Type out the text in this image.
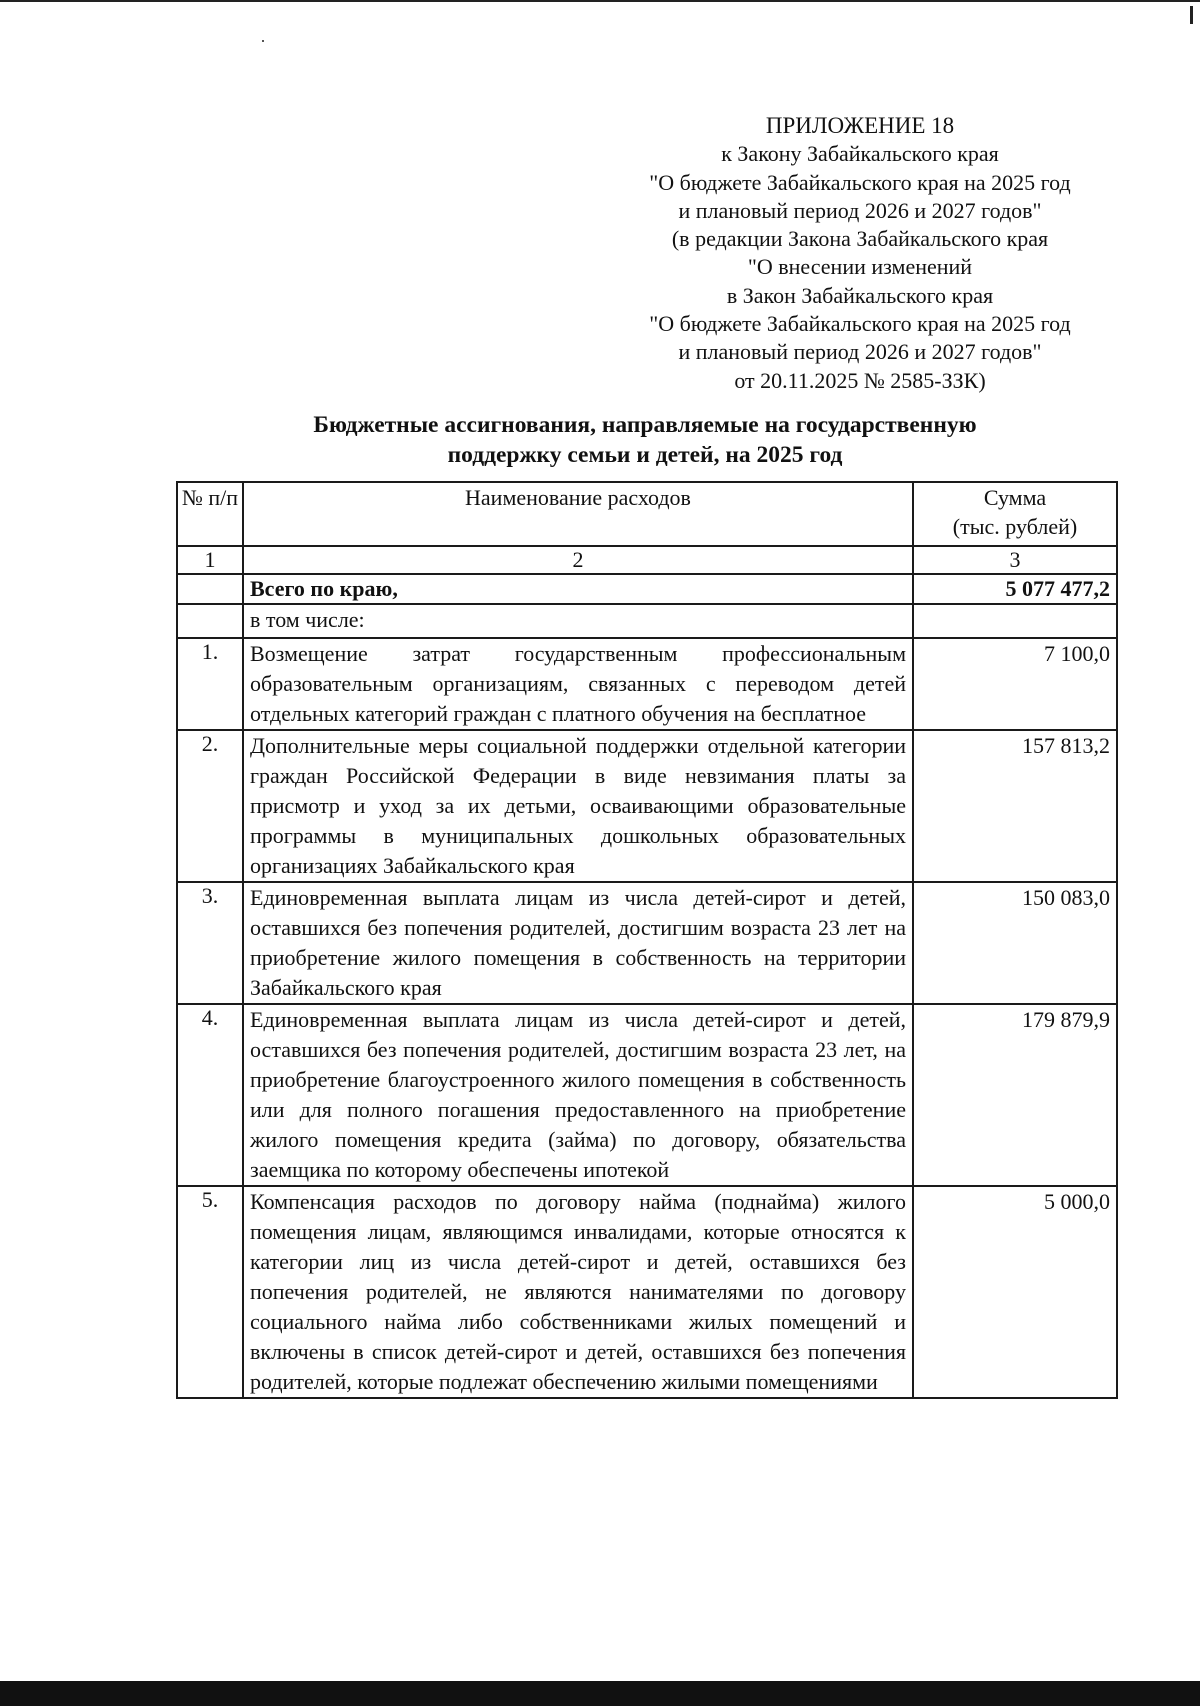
ПРИЛОЖЕНИЕ 18
к Закону Забайкальского края
"О бюджете Забайкальского края на 2025 год
и плановый период 2026 и 2027 годов"
(в редакции Закона Забайкальского края
"О внесении изменений
в Закон Забайкальского края
"О бюджете Забайкальского края на 2025 год
и плановый период 2026 и 2027 годов"
от 20.11.2025 № 2585-ЗЗК)
Бюджетные ассигнования, направляемые на государственную
поддержку семьи и детей, на 2025 год
№ п/п	Наименование расходов	Сумма
(тыс. рублей)
1	2	3
	Всего по краю,	5 077 477,2
	в том числе:	
1.	Возмещение затрат государственным профессиональным образовательным организациям, связанных с переводом детей отдельных категорий граждан с платного обучения на бесплатное	7 100,0
2.	Дополнительные меры социальной поддержки отдельной категории граждан Российской Федерации в виде невзимания платы за присмотр и уход за их детьми, осваивающими образовательные программы в муниципальных дошкольных образовательных организациях Забайкальского края	157 813,2
3.	Единовременная выплата лицам из числа детей-сирот и детей, оставшихся без попечения родителей, достигшим возраста 23 лет на приобретение жилого помещения в собственность на территории Забайкальского края	150 083,0
4.	Единовременная выплата лицам из числа детей-сирот и детей, оставшихся без попечения родителей, достигшим возраста 23 лет, на приобретение благоустроенного жилого помещения в собственность или для полного погашения предоставленного на приобретение жилого помещения кредита (займа) по договору, обязательства заемщика по которому обеспечены ипотекой	179 879,9
5.	Компенсация расходов по договору найма (поднайма) жилого помещения лицам, являющимся инвалидами, которые относятся к категории лиц из числа детей-сирот и детей, оставшихся без попечения родителей, не являются нанимателями по договору социального найма либо собственниками жилых помещений и включены в список детей-сирот и детей, оставшихся без попечения родителей, которые подлежат обеспечению жилыми помещениями	5 000,0
